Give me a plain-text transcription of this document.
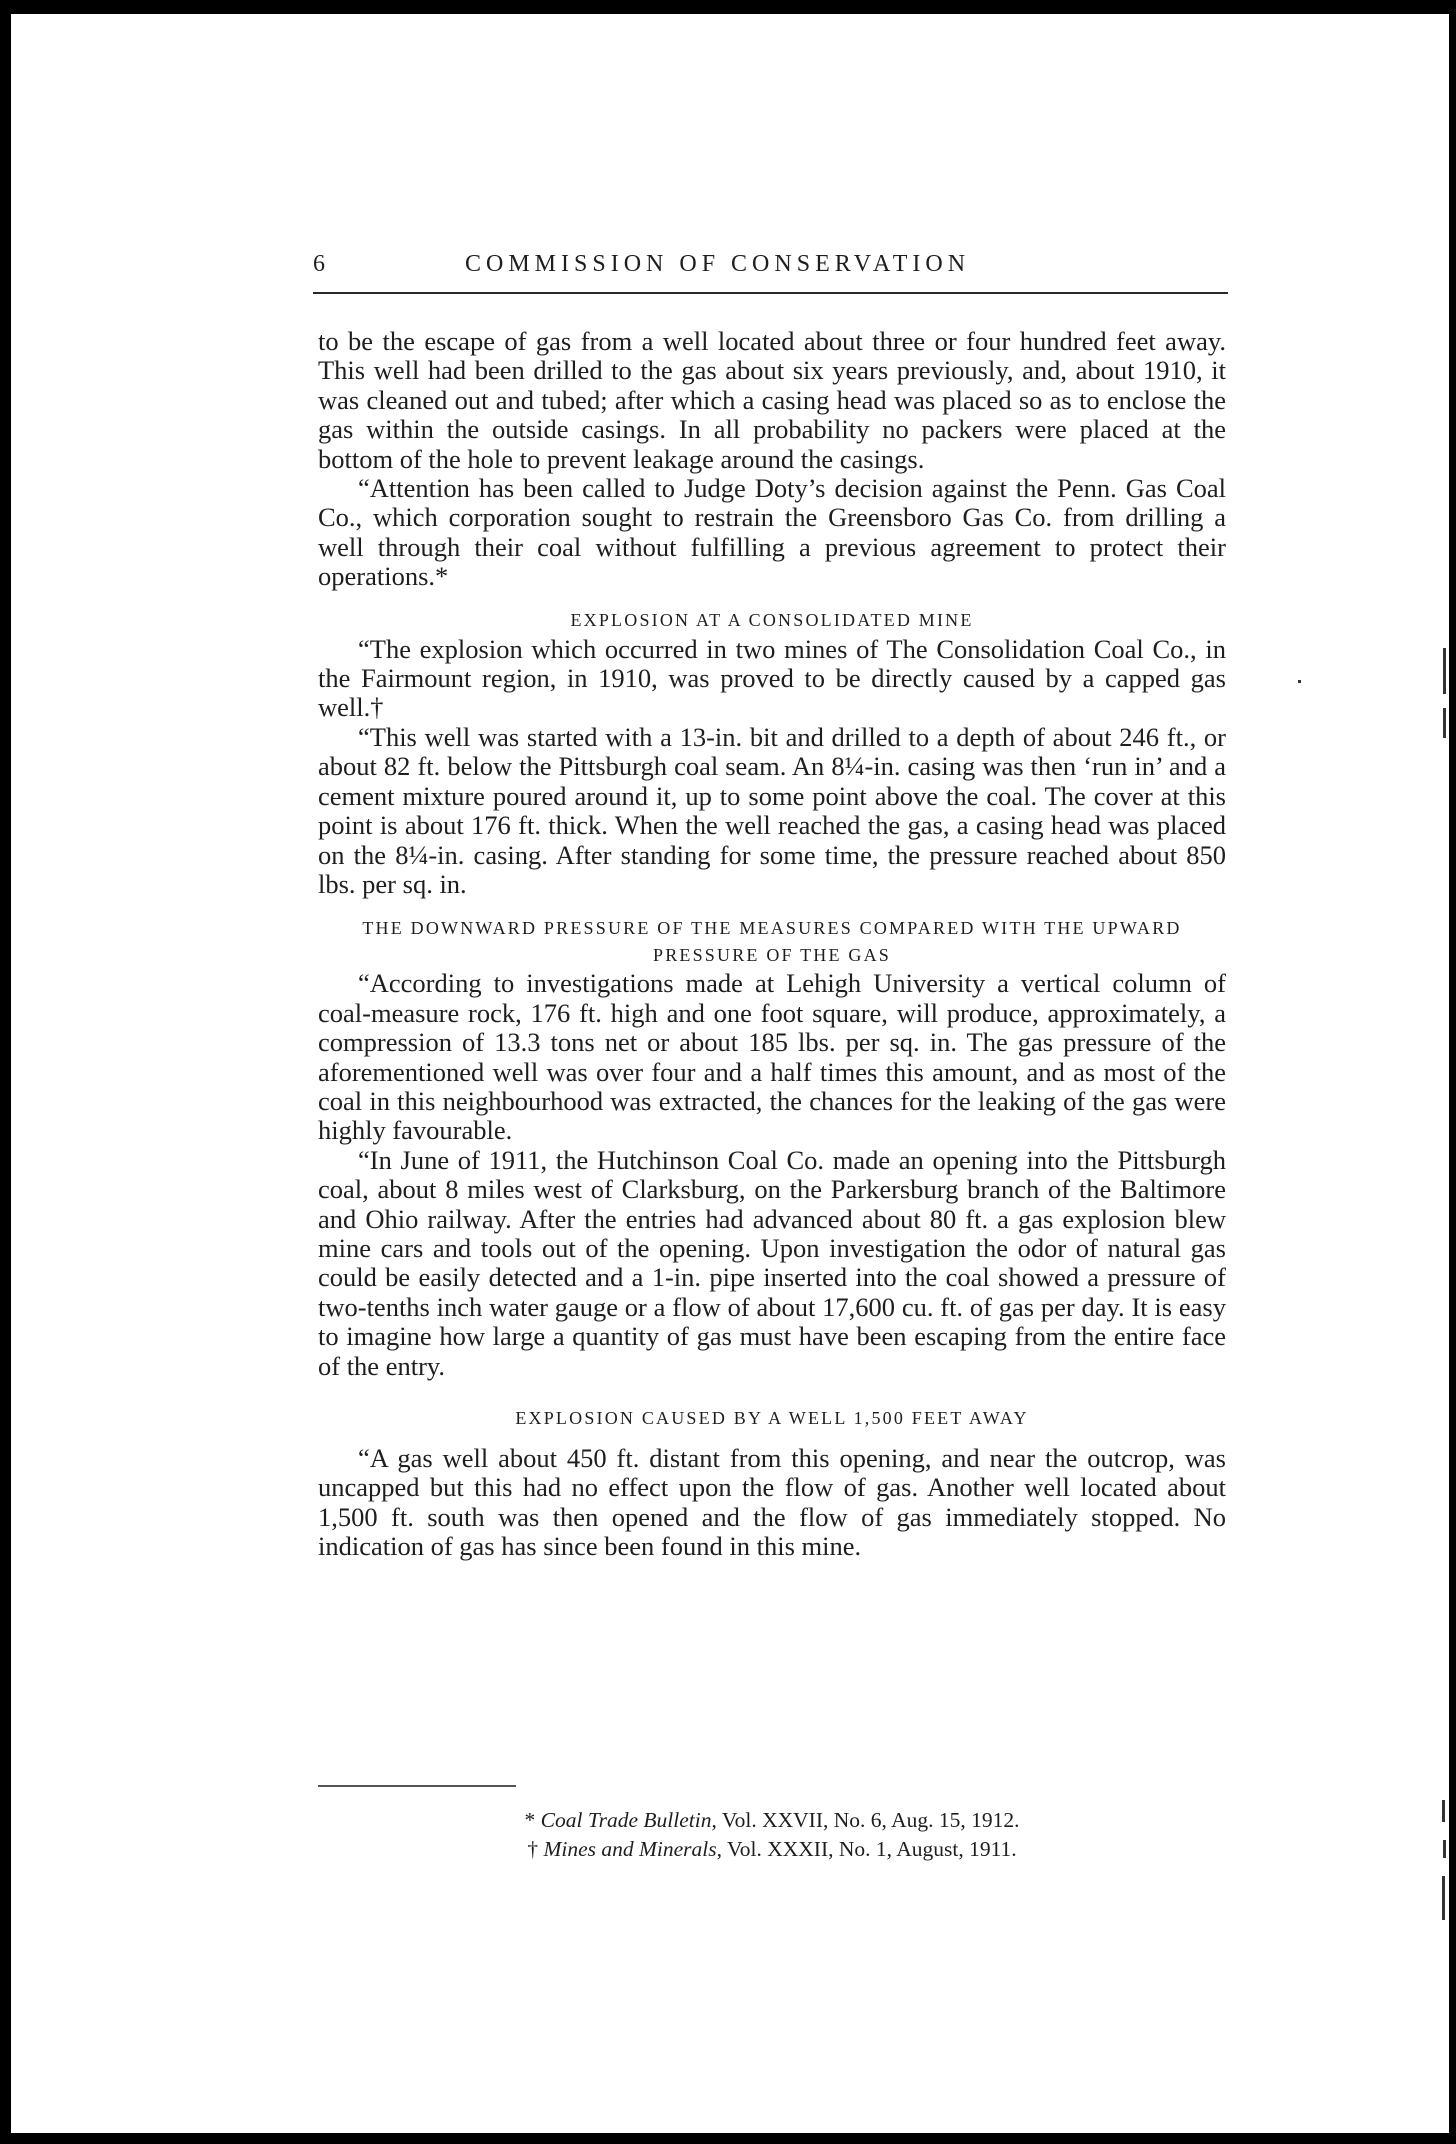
6	COMMISSION OF CONSERVATION

to be the escape of gas from a well located about three or four hundred feet away. This well had been drilled to the gas about six years previously, and, about 1910, it was cleaned out and tubed; after which a casing head was placed so as to enclose the gas within the outside casings. In all probability no packers were placed at the bottom of the hole to prevent leakage around the casings.

“Attention has been called to Judge Doty’s decision against the Penn. Gas Coal Co., which corporation sought to restrain the Greensboro Gas Co. from drilling a well through their coal without fulfilling a previous agreement to protect their operations.*

EXPLOSION AT A CONSOLIDATED MINE

“The explosion which occurred in two mines of The Consolidation Coal Co., in the Fairmount region, in 1910, was proved to be directly caused by a capped gas well.†

“This well was started with a 13-in. bit and drilled to a depth of about 246 ft., or about 82 ft. below the Pittsburgh coal seam. An 8¼-in. casing was then ‘run in’ and a cement mixture poured around it, up to some point above the coal. The cover at this point is about 176 ft. thick. When the well reached the gas, a casing head was placed on the 8¼-in. casing. After standing for some time, the pressure reached about 850 lbs. per sq. in.

THE DOWNWARD PRESSURE OF THE MEASURES COMPARED WITH THE UPWARD PRESSURE OF THE GAS

“According to investigations made at Lehigh University a vertical column of coal-measure rock, 176 ft. high and one foot square, will produce, approximately, a compression of 13.3 tons net or about 185 lbs. per sq. in. The gas pressure of the aforementioned well was over four and a half times this amount, and as most of the coal in this neighbourhood was extracted, the chances for the leaking of the gas were highly favourable.

“In June of 1911, the Hutchinson Coal Co. made an opening into the Pittsburgh coal, about 8 miles west of Clarksburg, on the Parkersburg branch of the Baltimore and Ohio railway. After the entries had advanced about 80 ft. a gas explosion blew mine cars and tools out of the opening. Upon investigation the odor of natural gas could be easily detected and a 1-in. pipe inserted into the coal showed a pressure of two-tenths inch water gauge or a flow of about 17,600 cu. ft. of gas per day. It is easy to imagine how large a quantity of gas must have been escaping from the entire face of the entry.

EXPLOSION CAUSED BY A WELL 1,500 FEET AWAY

“A gas well about 450 ft. distant from this opening, and near the outcrop, was uncapped but this had no effect upon the flow of gas. Another well located about 1,500 ft. south was then opened and the flow of gas immediately stopped. No indication of gas has since been found in this mine.

* Coal Trade Bulletin, Vol. XXVII, No. 6, Aug. 15, 1912.

† Mines and Minerals, Vol. XXXII, No. 1, August, 1911.
